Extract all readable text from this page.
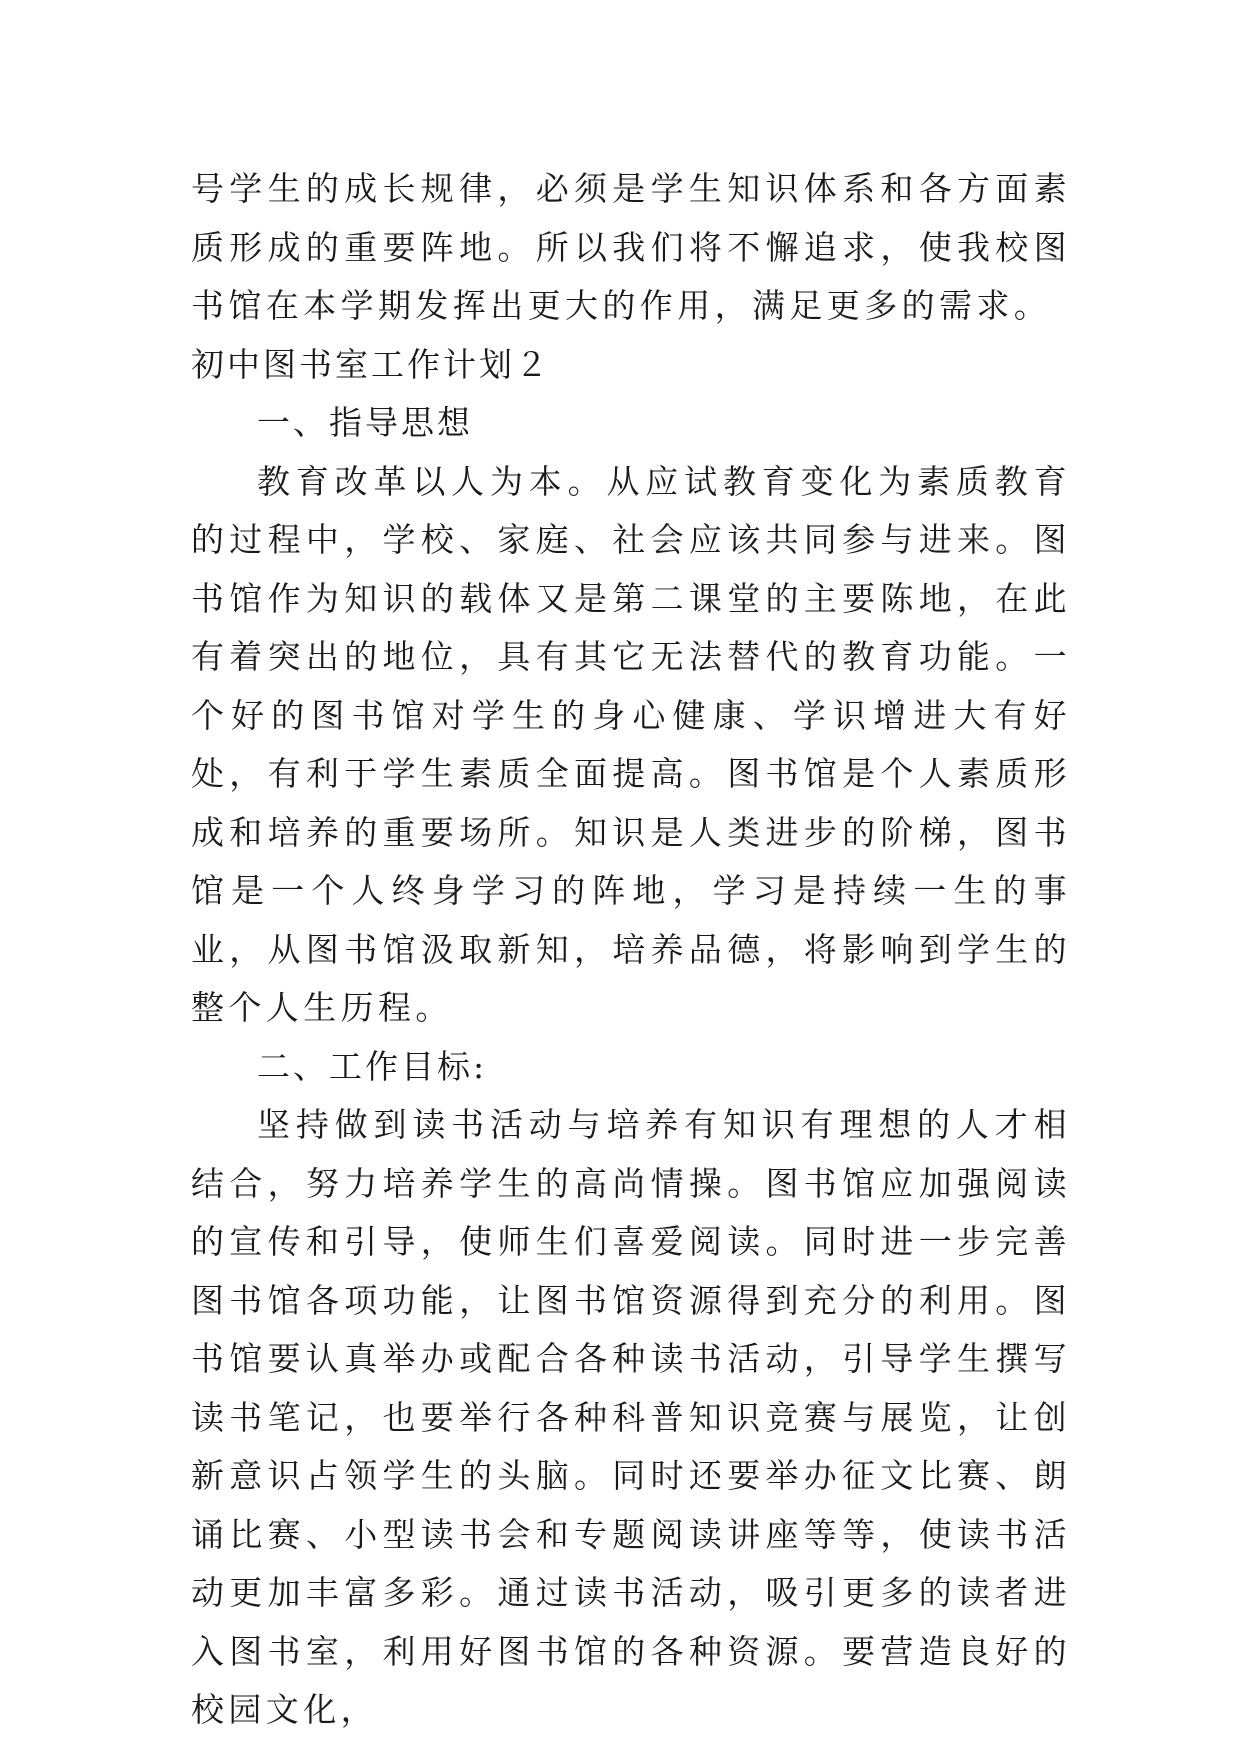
号学生的成长规律，必须是学生知识体系和各方面素质形成的重要阵地。所以我们将不懈追求，使我校图书馆在本学期发挥出更大的作用，满足更多的需求。

初中图书室工作计划２

一、指导思想

教育改革以人为本。从应试教育变化为素质教育的过程中，学校、家庭、社会应该共同参与进来。图书馆作为知识的载体又是第二课堂的主要陈地，在此有着突出的地位，具有其它无法替代的教育功能。一个好的图书馆对学生的身心健康、学识增进大有好处，有利于学生素质全面提高。图书馆是个人素质形成和培养的重要场所。知识是人类进步的阶梯，图书馆是一个人终身学习的阵地，学习是持续一生的事业，从图书馆汲取新知，培养品德，将影响到学生的整个人生历程。

二、工作目标:

坚持做到读书活动与培养有知识有理想的人才相结合，努力培养学生的高尚情操。图书馆应加强阅读的宣传和引导，使师生们喜爱阅读。同时进一步完善图书馆各项功能，让图书馆资源得到充分的利用。图书馆要认真举办或配合各种读书活动，引导学生撰写读书笔记，也要举行各种科普知识竞赛与展览，让创新意识占领学生的头脑。同时还要举办征文比赛、朗诵比赛、小型读书会和专题阅读讲座等等，使读书活动更加丰富多彩。通过读书活动，吸引更多的读者进入图书室，利用好图书馆的各种资源。要营造良好的校园文化，
